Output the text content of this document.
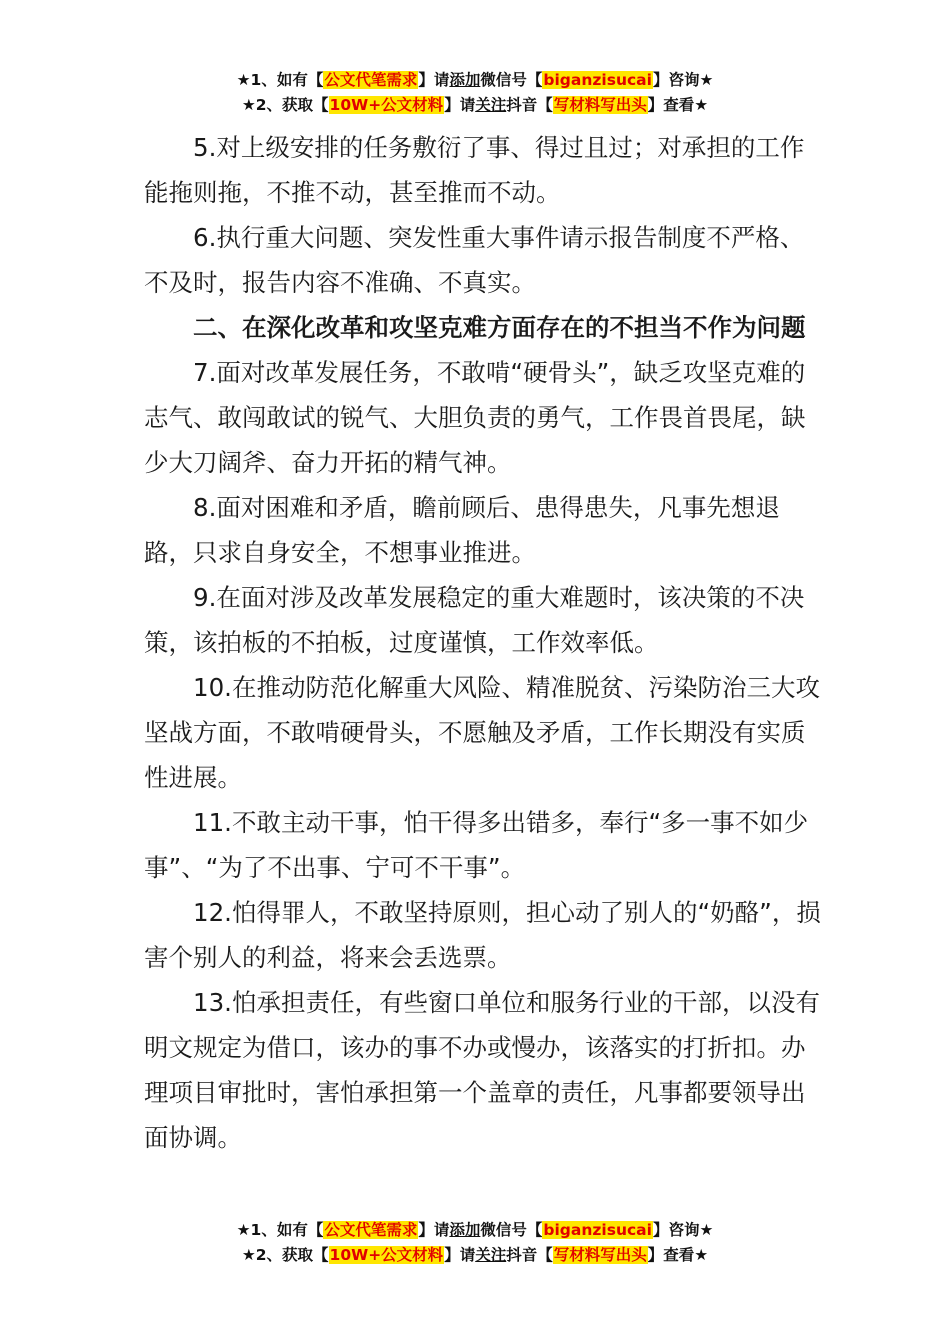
★1、如有【公文代笔需求】请添加微信号【biganzisucai】咨询★
★2、获取【10W+公文材料】请关注抖音【写材料写出头】查看★

5.对上级安排的任务敷衍了事、得过且过；对承担的工作能拖则拖，不推不动，甚至推而不动。

6.执行重大问题、突发性重大事件请示报告制度不严格、不及时，报告内容不准确、不真实。

二、在深化改革和攻坚克难方面存在的不担当不作为问题

7.面对改革发展任务，不敢啃“硬骨头”，缺乏攻坚克难的志气、敢闯敢试的锐气、大胆负责的勇气，工作畏首畏尾，缺少大刀阔斧、奋力开拓的精气神。

8.面对困难和矛盾，瞻前顾后、患得患失，凡事先想退路，只求自身安全，不想事业推进。

9.在面对涉及改革发展稳定的重大难题时，该决策的不决策，该拍板的不拍板，过度谨慎，工作效率低。

10.在推动防范化解重大风险、精准脱贫、污染防治三大攻坚战方面，不敢啃硬骨头，不愿触及矛盾，工作长期没有实质性进展。

11.不敢主动干事，怕干得多出错多，奉行“多一事不如少事”、“为了不出事、宁可不干事”。

12.怕得罪人，不敢坚持原则，担心动了别人的“奶酪”，损害个别人的利益，将来会丢选票。

13.怕承担责任，有些窗口单位和服务行业的干部，以没有明文规定为借口，该办的事不办或慢办，该落实的打折扣。办理项目审批时，害怕承担第一个盖章的责任，凡事都要领导出面协调。

★1、如有【公文代笔需求】请添加微信号【biganzisucai】咨询★
★2、获取【10W+公文材料】请关注抖音【写材料写出头】查看★
